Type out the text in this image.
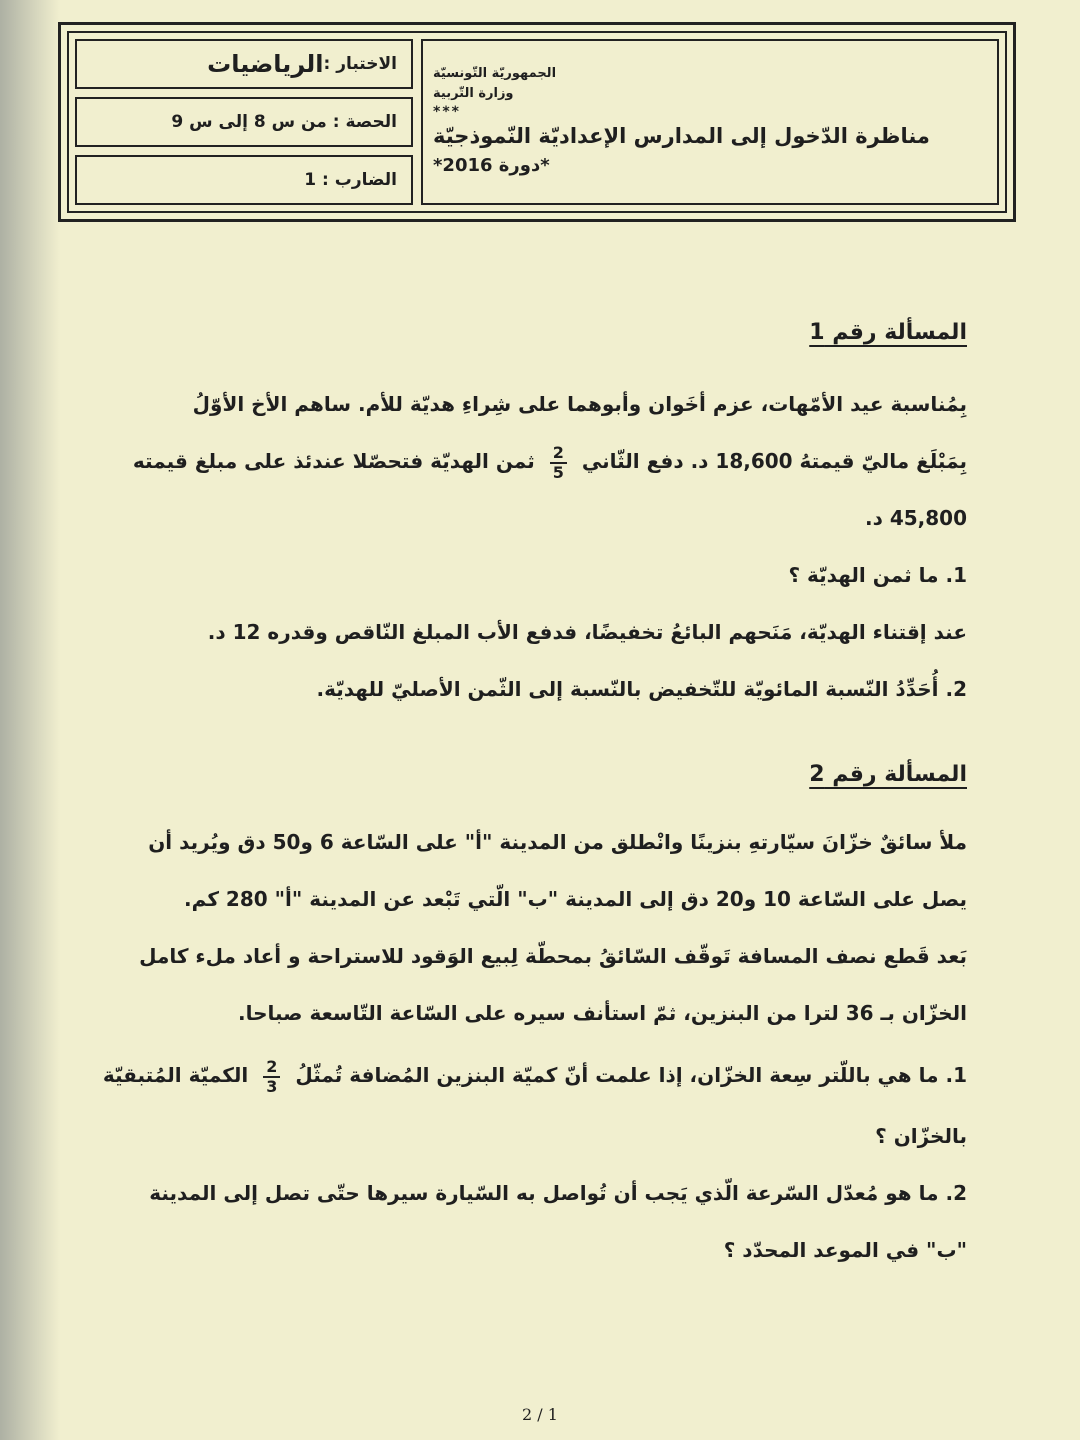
الجمهوريّة التّونسيّة
وزارة التّربية
***
مناظرة الدّخول إلى المدارس الإعداديّة النّموذجيّة
*دورة 2016*
الاختبار :
الرياضيات
الحصة : من س 8 إلى س 9
الضارب : 1
المسألة رقم 1
بِمُناسبة عيد الأمّهات، عزم أخَوان وأبوهما على شِراءِ هديّة للأم. ساهم الأخ الأوّلُ
بِمَبْلَغ ماليّ قيمتهُ 18,600 د. دفع الثّاني
$\frac{2}{5}$
ثمن الهديّة فتحصّلا عندئذ على مبلغ قيمته
45,800 د.
1. ما ثمن الهديّة ؟
عند إقتناء الهديّة، مَنَحهم البائعُ تخفيضًا، فدفع الأب المبلغ النّاقص وقدره 12 د.
2. أُحَدِّدُ النّسبة المائويّة للتّخفيض بالنّسبة إلى الثّمن الأصليّ للهديّة.
المسألة رقم 2
ملأ سائقٌ خزّانَ سيّارتهِ بنزينًا وانْطلق من المدينة "أ" على السّاعة 6 و50 دق ويُريد أن
يصل على السّاعة 10 و20 دق إلى المدينة "ب" الّتي تَبْعد عن المدينة "أ" 280 كم.
بَعد قَطع نصف المسافة تَوقّف السّائقُ بمحطّة لِبيع الوَقود للاستراحة و أعاد ملء كامل
الخزّان بـ 36 لترا من البنزين، ثمّ استأنف سيره على السّاعة التّاسعة صباحا.
1. ما هي باللّتر سِعة الخزّان، إذا علمت أنّ كميّة البنزين المُضافة تُمثّلُ
$\frac{2}{3}$
الكميّة المُتبقيّة
بالخزّان ؟
2. ما هو مُعدّل السّرعة الّذي يَجب أن تُواصل به السّيارة سيرها حتّى تصل إلى المدينة
"ب" في الموعد المحدّد ؟
2 / 1
